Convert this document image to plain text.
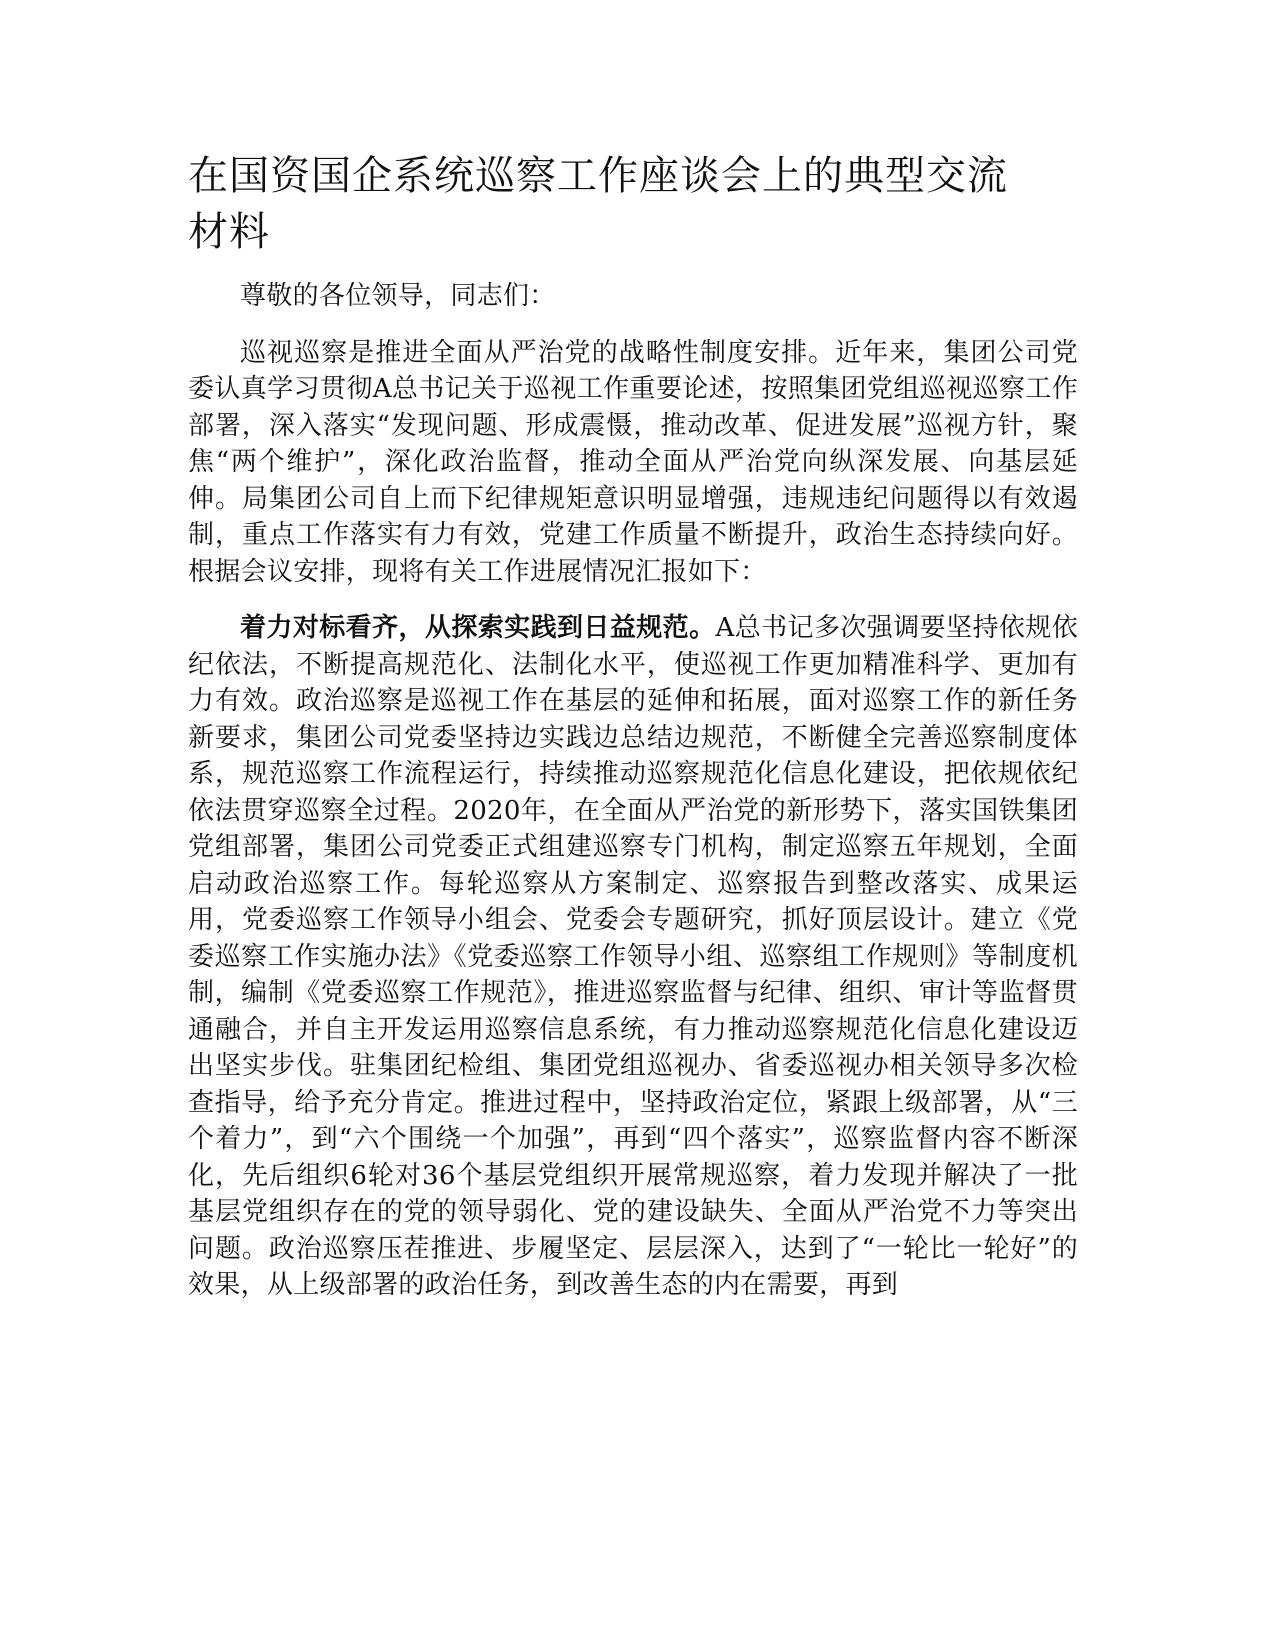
在国资国企系统巡察工作座谈会上的典型交流材料

尊敬的各位领导，同志们：

巡视巡察是推进全面从严治党的战略性制度安排。近年来，集团公司党委认真学习贯彻A总书记关于巡视工作重要论述，按照集团党组巡视巡察工作部署，深入落实“发现问题、形成震慑，推动改革、促进发展”巡视方针，聚焦“两个维护”，深化政治监督，推动全面从严治党向纵深发展、向基层延伸。局集团公司自上而下纪律规矩意识明显增强，违规违纪问题得以有效遏制，重点工作落实有力有效，党建工作质量不断提升，政治生态持续向好。根据会议安排，现将有关工作进展情况汇报如下：

着力对标看齐，从探索实践到日益规范。A总书记多次强调要坚持依规依纪依法，不断提高规范化、法制化水平，使巡视工作更加精准科学、更加有力有效。政治巡察是巡视工作在基层的延伸和拓展，面对巡察工作的新任务新要求，集团公司党委坚持边实践边总结边规范，不断健全完善巡察制度体系，规范巡察工作流程运行，持续推动巡察规范化信息化建设，把依规依纪依法贯穿巡察全过程。2020年，在全面从严治党的新形势下，落实国铁集团党组部署，集团公司党委正式组建巡察专门机构，制定巡察五年规划，全面启动政治巡察工作。每轮巡察从方案制定、巡察报告到整改落实、成果运用，党委巡察工作领导小组会、党委会专题研究，抓好顶层设计。建立《党委巡察工作实施办法》《党委巡察工作领导小组、巡察组工作规则》等制度机制，编制《党委巡察工作规范》，推进巡察监督与纪律、组织、审计等监督贯通融合，并自主开发运用巡察信息系统，有力推动巡察规范化信息化建设迈出坚实步伐。驻集团纪检组、集团党组巡视办、省委巡视办相关领导多次检查指导，给予充分肯定。推进过程中，坚持政治定位，紧跟上级部署，从“三个着力”，到“六个围绕一个加强”，再到“四个落实”，巡察监督内容不断深化，先后组织6轮对36个基层党组织开展常规巡察，着力发现并解决了一批基层党组织存在的党的领导弱化、党的建设缺失、全面从严治党不力等突出问题。政治巡察压茬推进、步履坚定、层层深入，达到了“一轮比一轮好”的效果，从上级部署的政治任务，到改善生态的内在需要，再到
